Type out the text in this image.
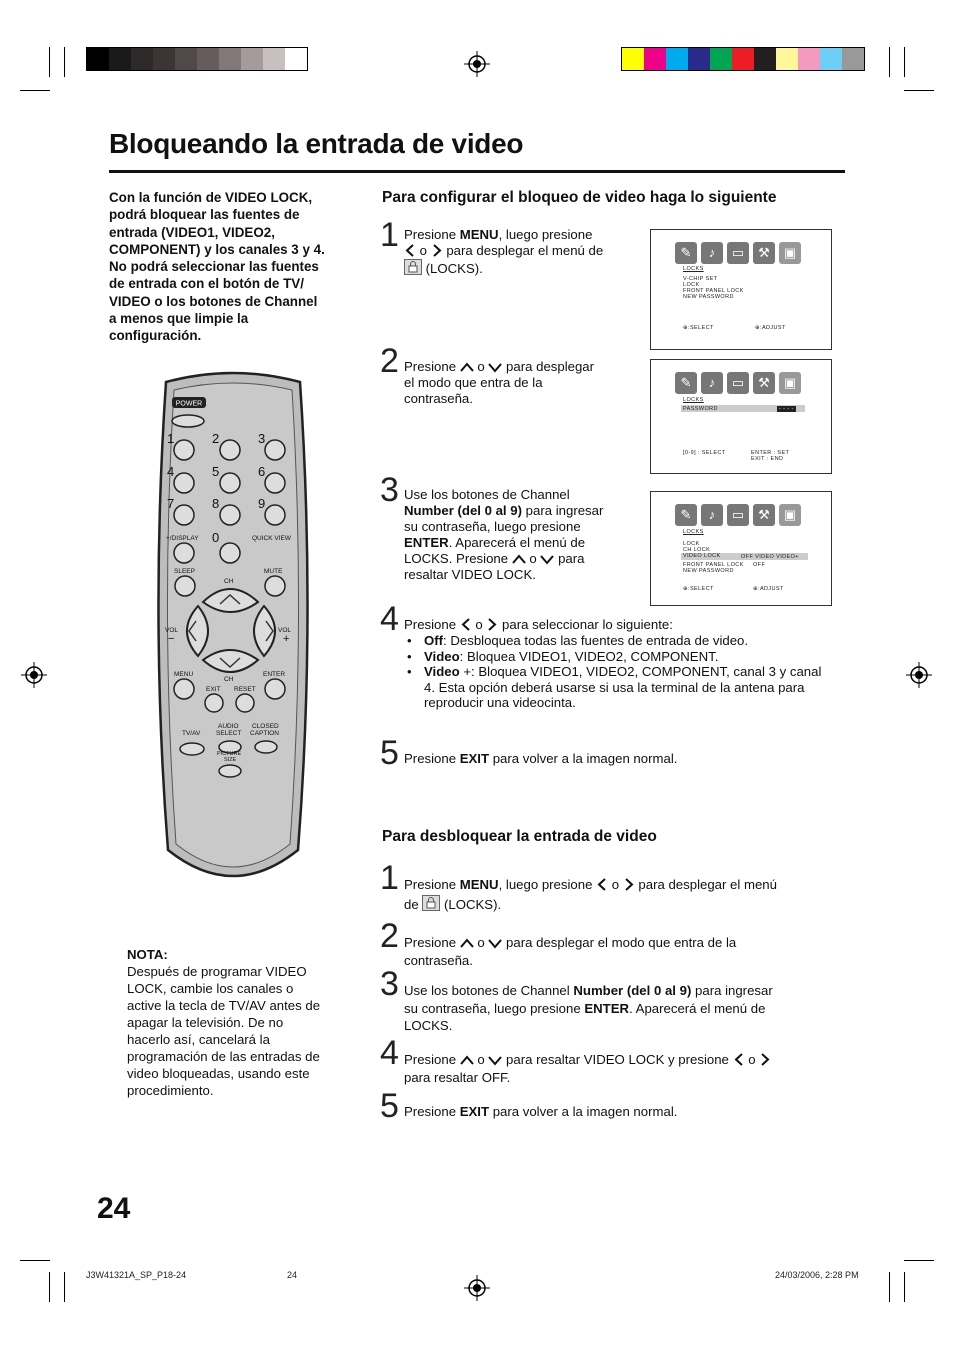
Bloqueando la entrada de video
Con la función de VIDEO LOCK,
podrá bloquear las fuentes de
entrada (VIDEO1, VIDEO2,
COMPONENT) y los canales 3 y 4.
No podrá seleccionar las fuentes
de entrada con el botón de TV/
VIDEO o los botones de Channel
a menos que limpie la
configuración.
Para configurar el bloqueo de video haga lo siguiente
1 Presione MENU, luego presione
o  para desplegar el menú de
(LOCKS).
2 Presione  o  para desplegar
el modo que entra de la
contraseña.
3 Use los botones de Channel
Number (del 0 al 9) para ingresar
su contraseña, luego presione
ENTER. Aparecerá el menú de
LOCKS. Presione  o  para
resaltar VIDEO LOCK.
4 Presione  o  para seleccionar lo siguiente:
• Off: Desbloquea todas las fuentes de entrada de video.
• Video: Bloquea VIDEO1, VIDEO2, COMPONENT.
• Video +: Bloquea VIDEO1, VIDEO2, COMPONENT, canal 3 y canal 4. Esta opción deberá usarse si usa la terminal de la antena para reproducir una videocinta.
5 Presione EXIT para volver a la imagen normal.
✎	♪	▭	⚒	▣
LOCKS
V-CHIP SET
LOCK
FRONT PANEL LOCK
NEW PASSWORD
⊕:SELECT	⊕:ADJUST
✎	♪	▭	⚒	▣
LOCKS
PASSWORD	- - - -
[0-9] : SELECT	ENTER : SET
EXIT : END
✎	♪	▭	⚒	▣
LOCKS
LOCK
CH LOCK
VIDEO LOCK
FRONT PANEL LOCK
NEW PASSWORD
OFF VIDEO VIDEO+
OFF
⊕:SELECT	⊕:ADJUST
Para desbloquear la entrada de video
1 Presione MENU, luego presione  o  para desplegar el menú
de  (LOCKS).
2 Presione  o  para desplegar el modo que entra de la
contraseña.
3 Use los botones de Channel Number (del 0 al 9) para ingresar
su contraseña, luego presione ENTER. Aparecerá el menú de
LOCKS.
4 Presione  o  para resaltar VIDEO LOCK y presione  o
para resaltar OFF.
5 Presione EXIT para volver a la imagen normal.
POWER
1	2	3
4	5	6
7	8	9
0
+/DISPLAY	QUICK VIEW
SLEEP	MUTE
CH
VOL
−
VOL
+
CH
MENU	ENTER
EXIT RESET
AUDIO
SELECT
CLOSED
CAPTION
TV/AV
PICTURE
SIZE
NOTA:
Después de programar VIDEO
LOCK, cambie los canales o
active la tecla de TV/AV antes de
apagar la televisión. De no
hacerlo así, cancelará la
programación de las entradas de
video bloqueadas, usando este
procedimiento.
24
J3W41321A_SP_P18-24	24	24/03/2006, 2:28 PM
